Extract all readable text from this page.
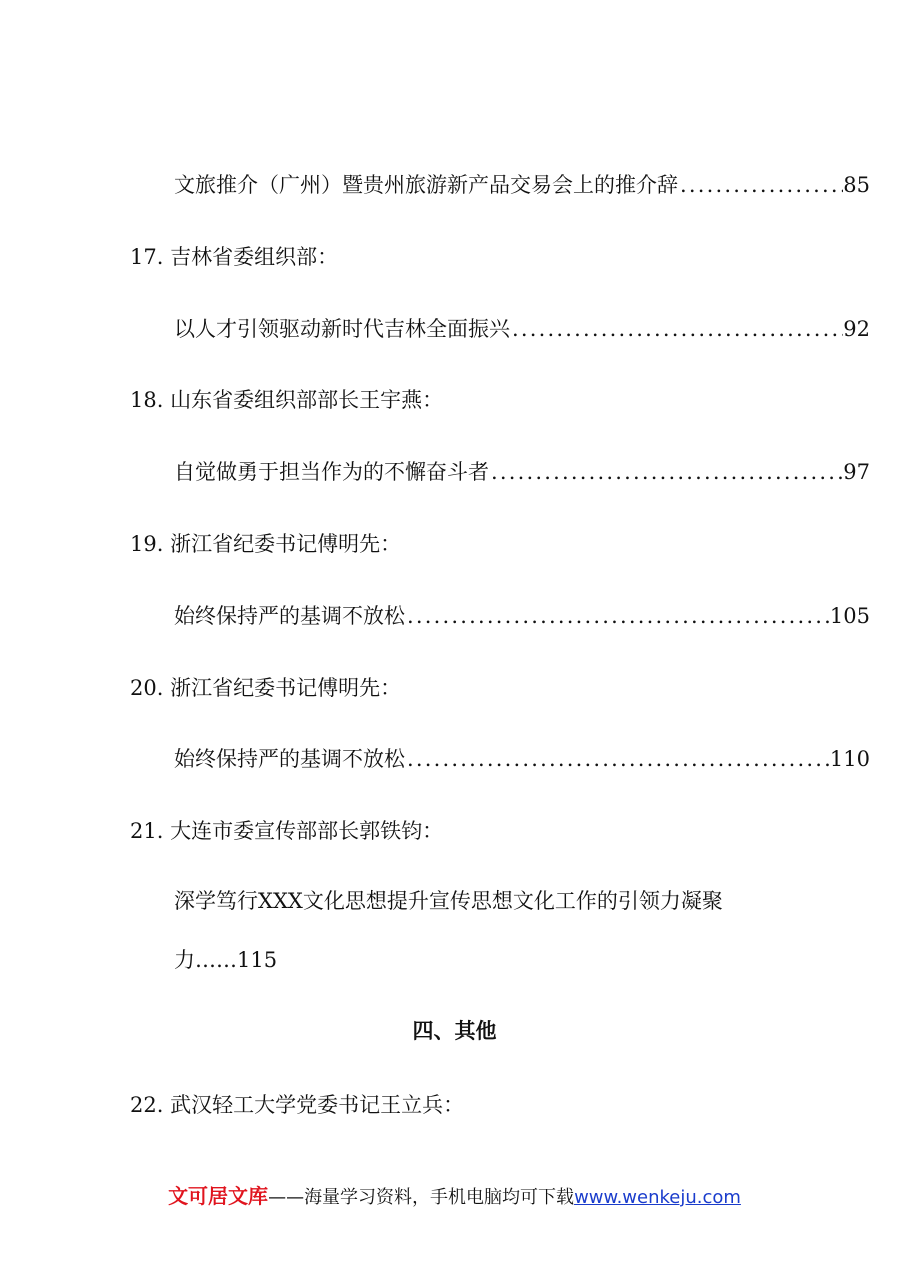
文旅推介（广州）暨贵州旅游新产品交易会上的推介辞 .....	85
17. 吉林省委组织部：
以人才引领驱动新时代吉林全面振兴 .....	92
18. 山东省委组织部部长王宇燕：
自觉做勇于担当作为的不懈奋斗者 .....	97
19. 浙江省纪委书记傅明先：
始终保持严的基调不放松 .....	105
20. 浙江省纪委书记傅明先：
始终保持严的基调不放松 .....	110
21. 大连市委宣传部部长郭铁钧：
深学笃行XXX文化思想提升宣传思想文化工作的引领力凝聚
力……115
四、其他
22. 武汉轻工大学党委书记王立兵：
文可居文库——海量学习资料，手机电脑均可下载www.wenkeju.com
